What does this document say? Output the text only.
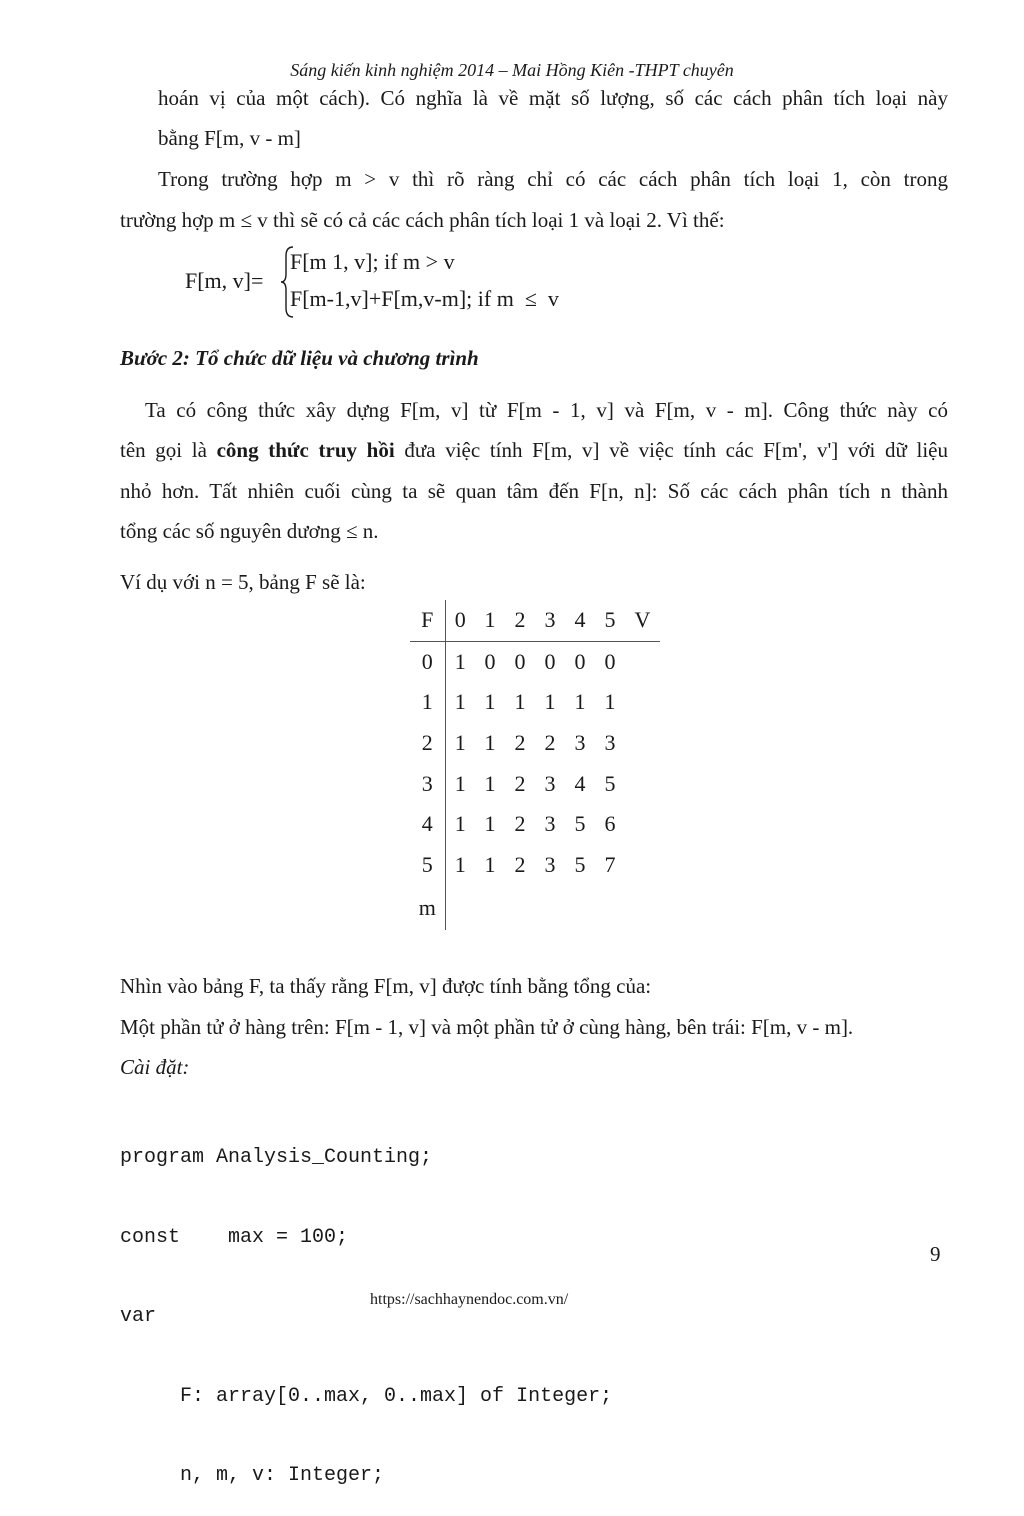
Sáng kiến kinh nghiệm 2014 – Mai Hồng Kiên -THPT chuyên
hoán vị của một cách). Có nghĩa là về mặt số lượng, số các cách phân tích loại này
bằng F[m, v - m]
Trong trường hợp m > v thì rõ ràng chỉ có các cách phân tích loại 1, còn trong
trường hợp m ≤ v thì sẽ có cả các cách phân tích loại 1 và loại 2. Vì thế:
F[m, v]=
F[m 1, v]; if m > v
F[m-1,v]+F[m,v-m]; if m  ≤  v
Bước 2: Tổ chức dữ liệu và chương trình
Ta có công thức xây dựng F[m, v] từ F[m - 1, v] và F[m, v - m]. Công thức này có
tên gọi là công thức truy hồi đưa việc tính F[m, v] về việc tính các F[m', v'] với dữ liệu
nhỏ hơn. Tất nhiên cuối cùng ta sẽ quan tâm đến F[n, n]: Số các cách phân tích n thành
tổng các số nguyên dương ≤ n.
Ví dụ với n = 5, bảng F sẽ là:
F	0	1	2	3	4	5	V
0	1	0	0	0	0	0	
1	1	1	1	1	1	1	
2	1	1	2	2	3	3	
3	1	1	2	3	4	5	
4	1	1	2	3	5	6	
5	1	1	2	3	5	7	
m							
Nhìn vào bảng F, ta thấy rằng F[m, v] được tính bằng tổng của:
Một phần tử ở hàng trên: F[m - 1, v] và một phần tử ở cùng hàng, bên trái: F[m, v - m].
Cài đặt:

program Analysis_Counting;

const    max = 100;

var

F: array[0..max, 0..max] of Integer;

n, m, v: Integer;

9
https://sachhaynendoc.com.vn/
